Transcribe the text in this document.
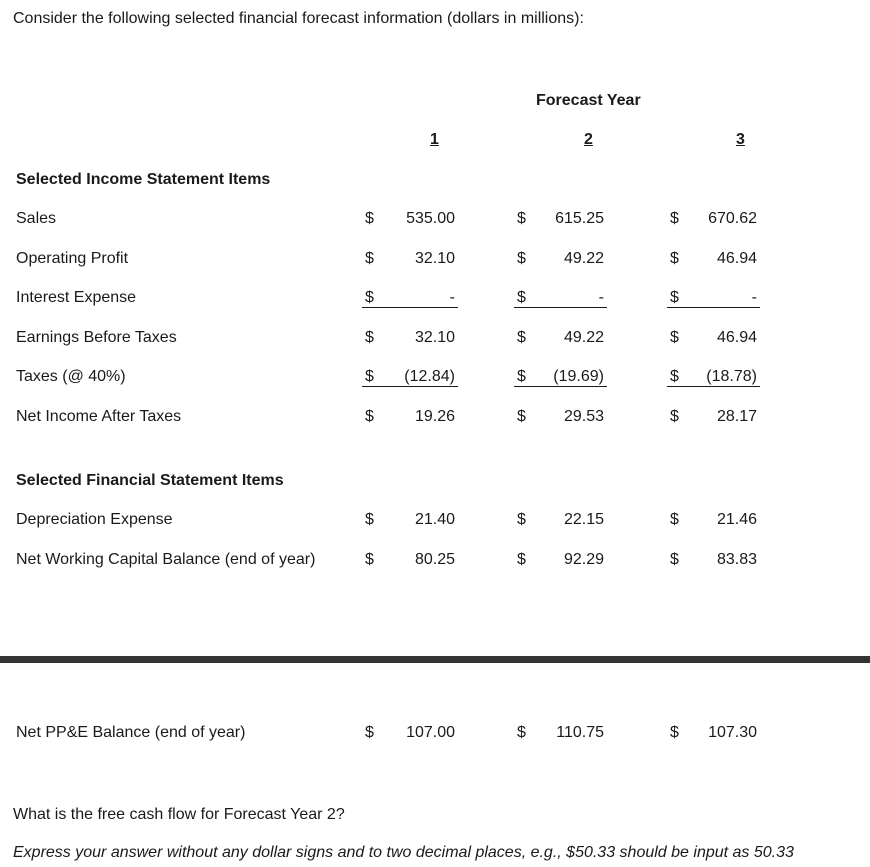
Consider the following selected financial forecast information (dollars in millions):
Forecast Year
1	2	3
Selected Income Statement Items
Selected Financial Statement Items
Sales	$	535.00	$	615.25	$	670.62
Operating Profit	$	32.10	$	49.22	$	46.94
Interest Expense	$	-	$	-	$	-
Earnings Before Taxes	$	32.10	$	49.22	$	46.94
Taxes (@ 40%)	$	(12.84)	$	(19.69)	$	(18.78)
Net Income After Taxes	$	19.26	$	29.53	$	28.17
Depreciation Expense	$	21.40	$	22.15	$	21.46
Net Working Capital Balance (end of year)	$	80.25	$	92.29	$	83.83
Net PP&E Balance (end of year)	$	107.00	$	110.75	$	107.30
What is the free cash flow for Forecast Year 2?
Express your answer without any dollar signs and to two decimal places, e.g., $50.33 should be input as 50.33
